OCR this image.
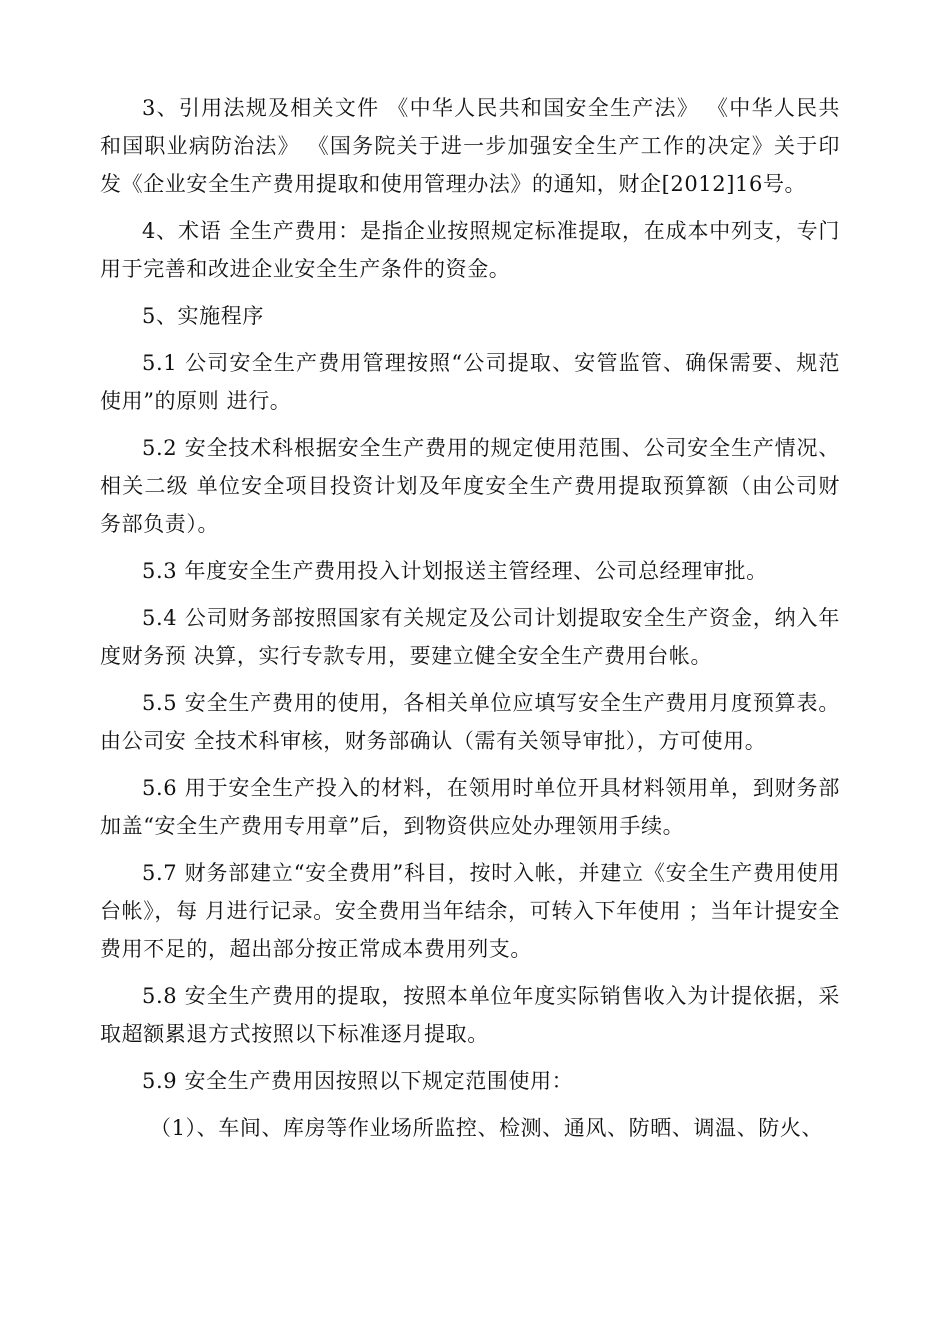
3、引用法规及相关文件 《中华人民共和国安全生产法》 《中华人民共和国职业病防治法》 《国务院关于进一步加强安全生产工作的决定》关于印发《企业安全生产费用提取和使用管理办法》的通知，财企[2012]16号。

4、术语 全生产费用：是指企业按照规定标准提取，在成本中列支，专门用于完善和改进企业安全生产条件的资金。

5、实施程序

5.1 公司安全生产费用管理按照“公司提取、安管监管、确保需要、规范使用”的原则 进行。

5.2 安全技术科根据安全生产费用的规定使用范围、公司安全生产情况、相关二级 单位安全项目投资计划及年度安全生产费用提取预算额（由公司财务部负责）。

5.3 年度安全生产费用投入计划报送主管经理、公司总经理审批。

5.4 公司财务部按照国家有关规定及公司计划提取安全生产资金，纳入年度财务预 决算，实行专款专用，要建立健全安全生产费用台帐。

5.5 安全生产费用的使用，各相关单位应填写安全生产费用月度预算表。由公司安 全技术科审核，财务部确认（需有关领导审批），方可使用。

5.6 用于安全生产投入的材料，在领用时单位开具材料领用单，到财务部 加盖“安全生产费用专用章”后，到物资供应处办理领用手续。

5.7 财务部建立“安全费用”科目，按时入帐，并建立《安全生产费用使用台帐》，每 月进行记录。安全费用当年结余，可转入下年使用 ；当年计提安全费用不足的，超出部分按正常成本费用列支。

5.8 安全生产费用的提取，按照本单位年度实际销售收入为计提依据，采取超额累退方式按照以下标准逐月提取。

5.9 安全生产费用因按照以下规定范围使用：

（1）、车间、库房等作业场所监控、检测、通风、防晒、调温、防火、
